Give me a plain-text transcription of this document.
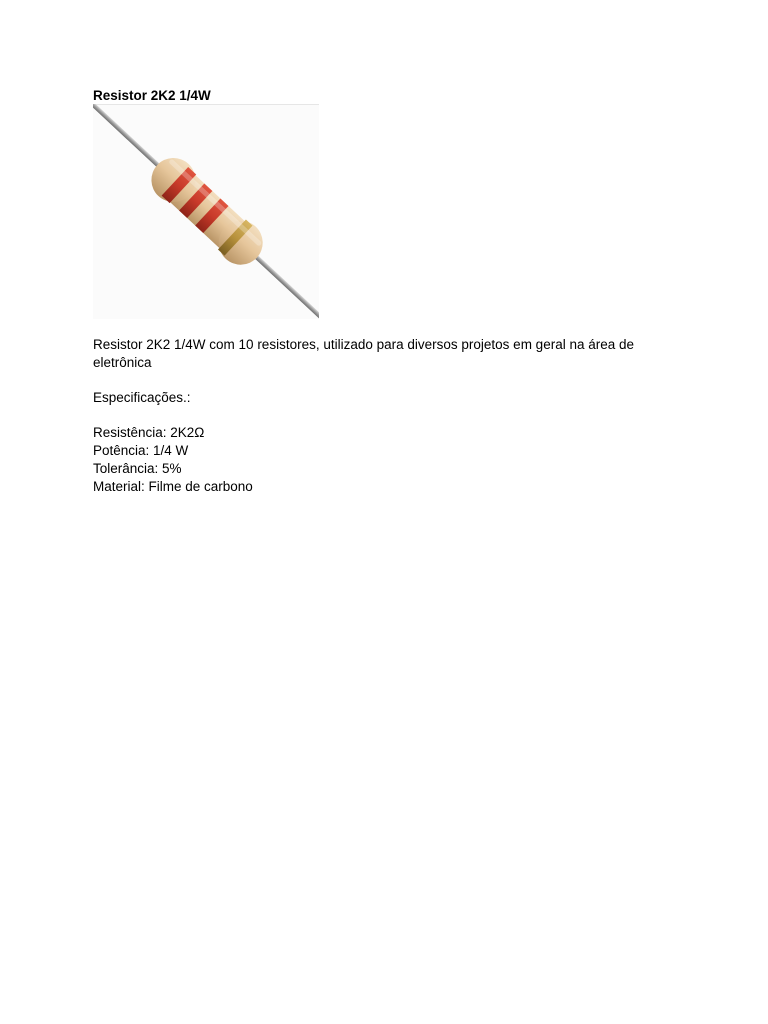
Resistor 2K2 1/4W

Resistor 2K2 1/4W com 10 resistores, utilizado para diversos projetos em geral na área de eletrônica

Especificações.:

Resistência: 2K2Ω
Potência: 1/4 W
Tolerância: 5%
Material: Filme de carbono
